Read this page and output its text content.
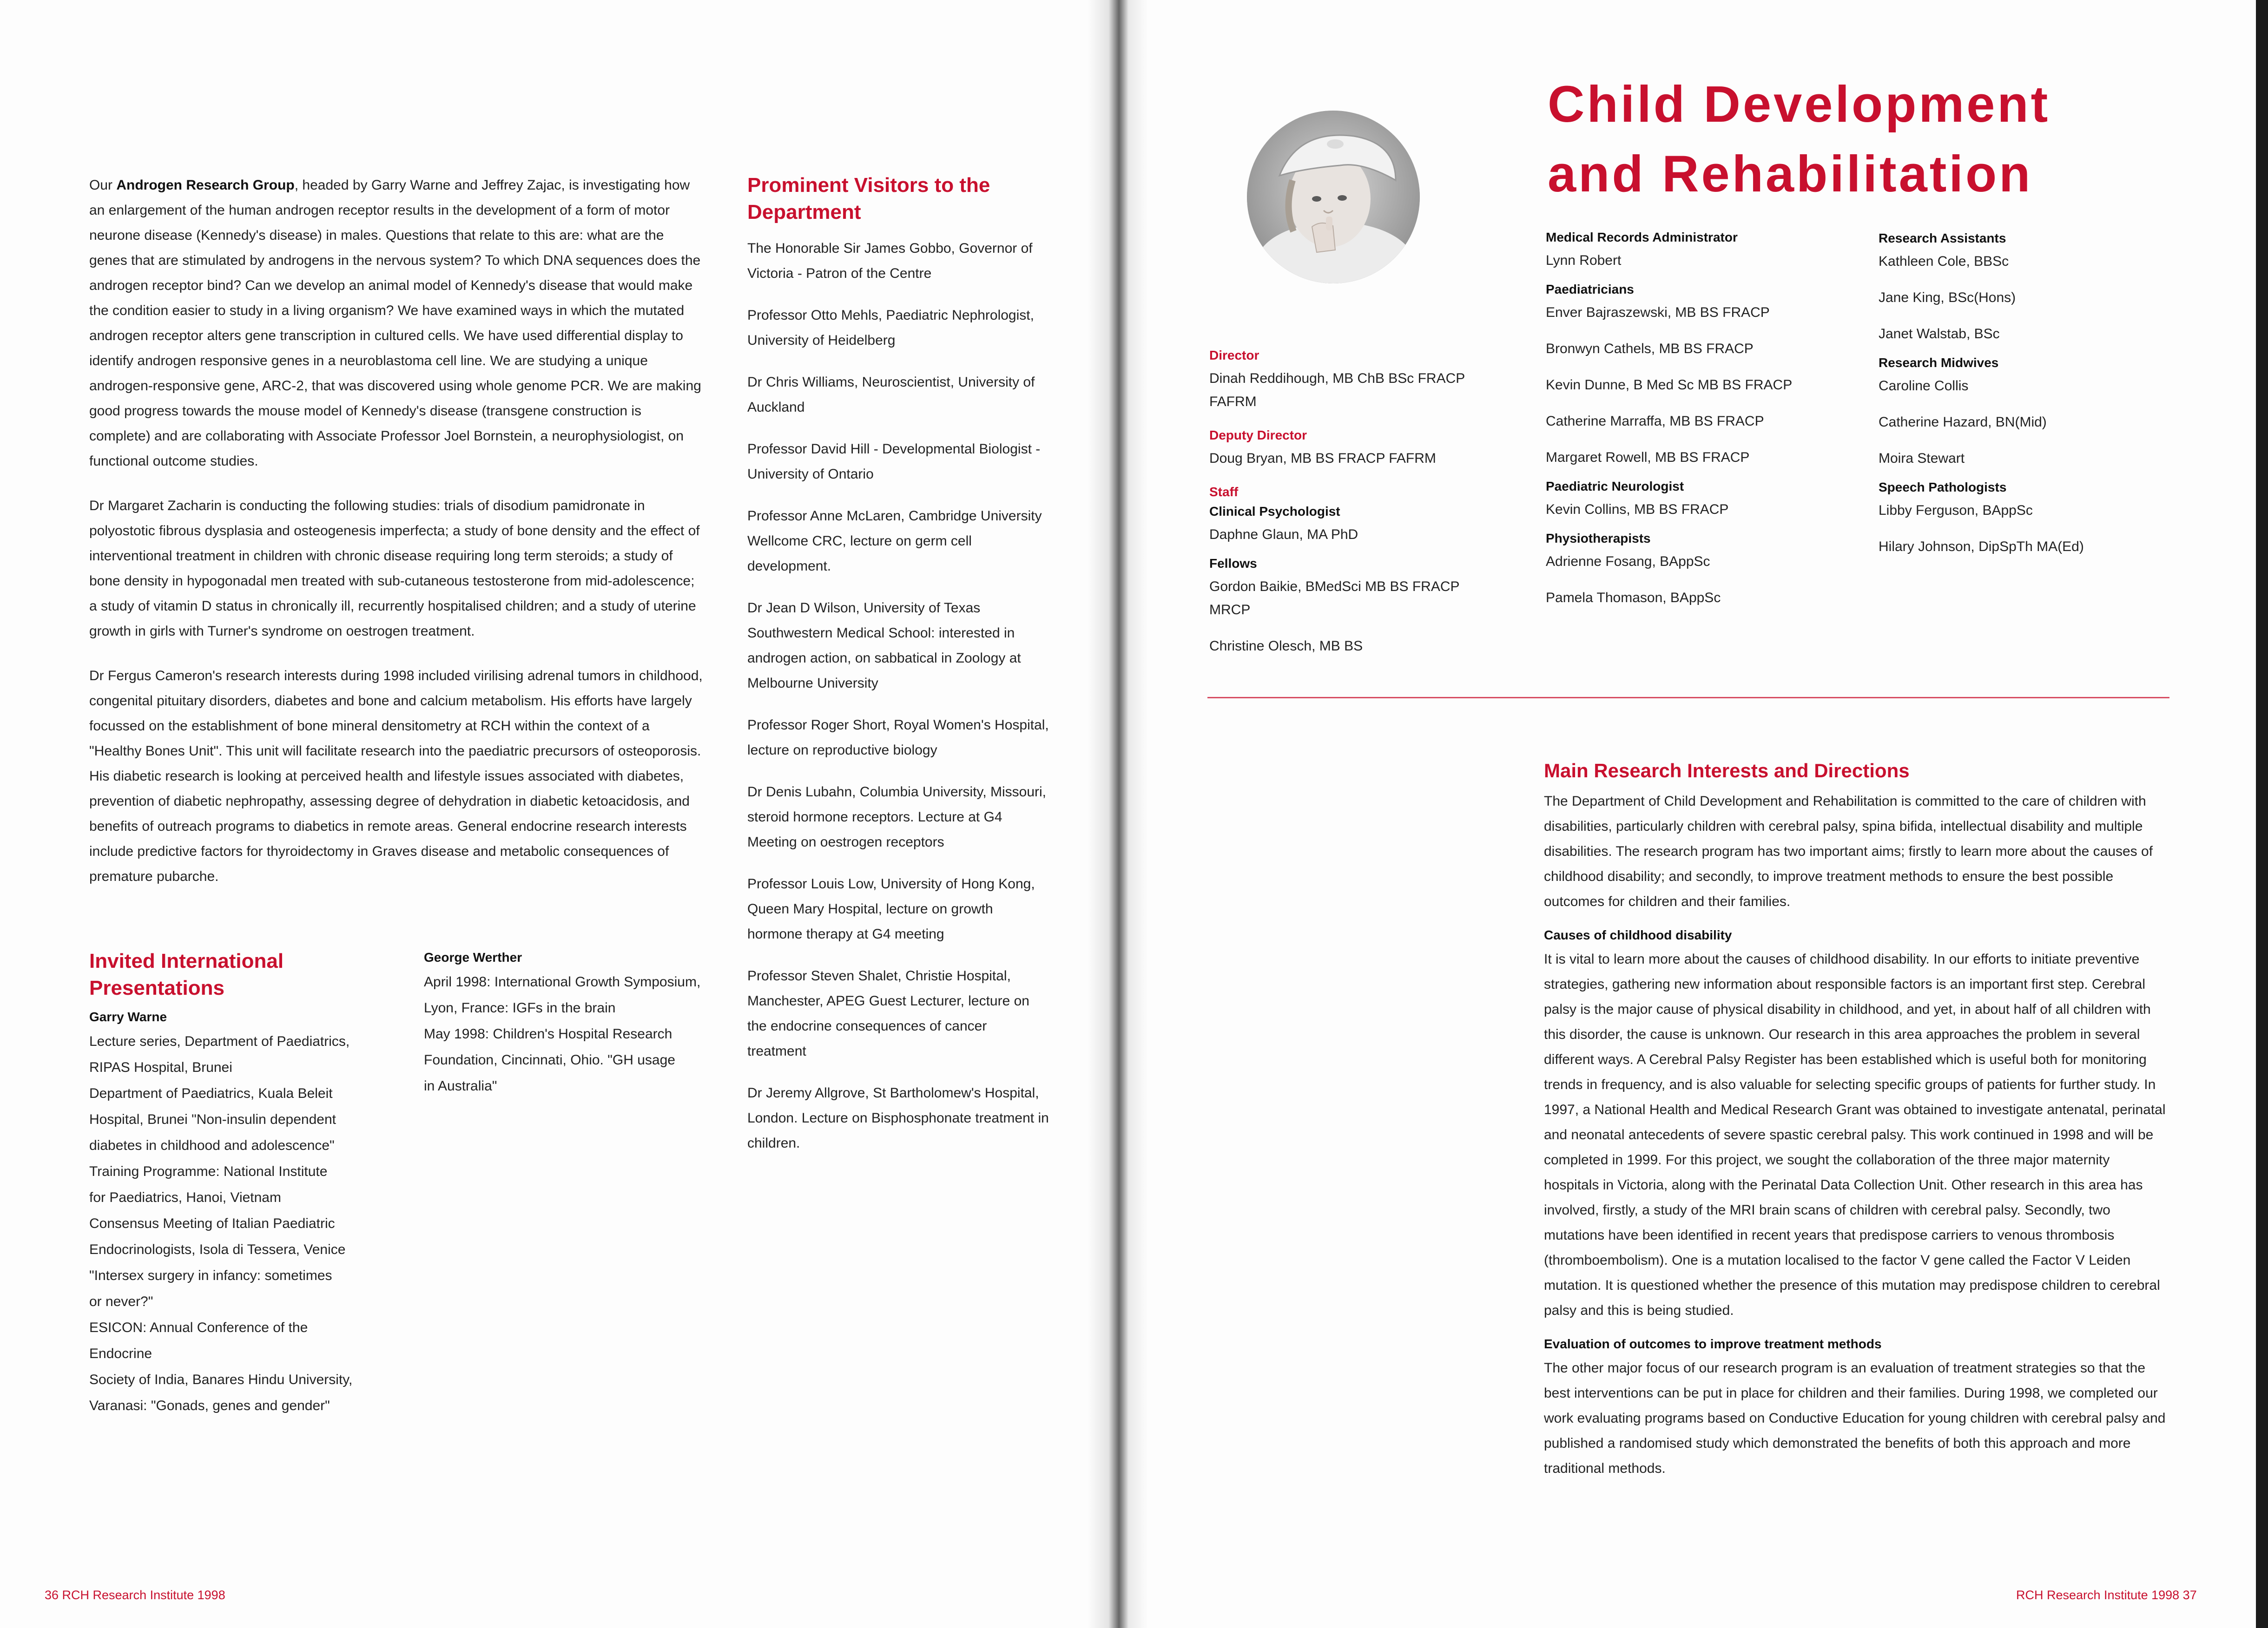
Our Androgen Research Group, headed by Garry Warne and Jeffrey Zajac, is investigating how an enlargement of the human androgen receptor results in the development of a form of motor neurone disease (Kennedy's disease) in males. Questions that relate to this are: what are the genes that are stimulated by androgens in the nervous system? To which DNA sequences does the androgen receptor bind? Can we develop an animal model of Kennedy's disease that would make the condition easier to study in a living organism? We have examined ways in which the mutated androgen receptor alters gene transcription in cultured cells. We have used differential display to identify androgen responsive genes in a neuroblastoma cell line. We are studying a unique androgen-responsive gene, ARC-2, that was discovered using whole genome PCR. We are making good progress towards the mouse model of Kennedy's disease (transgene construction is complete) and are collaborating with Associate Professor Joel Bornstein, a neurophysiologist, on functional outcome studies.

Dr Margaret Zacharin is conducting the following studies: trials of disodium pamidronate in polyostotic fibrous dysplasia and osteogenesis imperfecta; a study of bone density and the effect of interventional treatment in children with chronic disease requiring long term steroids; a study of bone density in hypogonadal men treated with sub-cutaneous testosterone from mid-adolescence; a study of vitamin D status in chronically ill, recurrently hospitalised children; and a study of uterine growth in girls with Turner's syndrome on oestrogen treatment.

Dr Fergus Cameron's research interests during 1998 included virilising adrenal tumors in childhood, congenital pituitary disorders, diabetes and bone and calcium metabolism. His efforts have largely focussed on the establishment of bone mineral densitometry at RCH within the context of a "Healthy Bones Unit". This unit will facilitate research into the paediatric precursors of osteoporosis. His diabetic research is looking at perceived health and lifestyle issues associated with diabetes, prevention of diabetic nephropathy, assessing degree of dehydration in diabetic ketoacidosis, and benefits of outreach programs to diabetics in remote areas. General endocrine research interests include predictive factors for thyroidectomy in Graves disease and metabolic consequences of premature pubarche.

Invited International Presentations
Garry Warne
Lecture series, Department of Paediatrics,
RIPAS Hospital, Brunei
Department of Paediatrics, Kuala Beleit
Hospital, Brunei "Non-insulin dependent
diabetes in childhood and adolescence"
Training Programme: National Institute
for Paediatrics, Hanoi, Vietnam
Consensus Meeting of Italian Paediatric
Endocrinologists, Isola di Tessera, Venice
"Intersex surgery in infancy: sometimes
or never?"
ESICON: Annual Conference of the Endocrine
Society of India, Banares Hindu University,
Varanasi: "Gonads, genes and gender"
George Werther
April 1998: International Growth Symposium,
Lyon, France: IGFs in the brain
May 1998: Children's Hospital Research
Foundation, Cincinnati, Ohio. "GH usage
in Australia"
Prominent Visitors to the Department
The Honorable Sir James Gobbo, Governor of Victoria - Patron of the Centre
Professor Otto Mehls, Paediatric Nephrologist, University of Heidelberg
Dr Chris Williams, Neuroscientist, University of Auckland
Professor David Hill - Developmental Biologist - University of Ontario
Professor Anne McLaren, Cambridge University Wellcome CRC, lecture on germ cell development.
Dr Jean D Wilson, University of Texas Southwestern Medical School: interested in androgen action, on sabbatical in Zoology at Melbourne University
Professor Roger Short, Royal Women's Hospital, lecture on reproductive biology
Dr Denis Lubahn, Columbia University, Missouri, steroid hormone receptors. Lecture at G4 Meeting on oestrogen receptors
Professor Louis Low, University of Hong Kong, Queen Mary Hospital, lecture on growth hormone therapy at G4 meeting
Professor Steven Shalet, Christie Hospital, Manchester, APEG Guest Lecturer, lecture on the endocrine consequences of cancer treatment
Dr Jeremy Allgrove, St Bartholomew's Hospital, London. Lecture on Bisphosphonate treatment in children.
36 RCH Research Institute 1998
Child Development
and Rehabilitation
Director
Dinah Reddihough, MB ChB BSc FRACP FAFRM
Deputy Director
Doug Bryan, MB BS FRACP FAFRM
Staff
Clinical Psychologist
Daphne Glaun, MA PhD
Fellows
Gordon Baikie, BMedSci MB BS FRACP MRCP
Christine Olesch, MB BS
Medical Records Administrator
Lynn Robert
Paediatricians
Enver Bajraszewski, MB BS FRACP
Bronwyn Cathels, MB BS FRACP
Kevin Dunne, B Med Sc MB BS FRACP
Catherine Marraffa, MB BS FRACP
Margaret Rowell, MB BS FRACP
Paediatric Neurologist
Kevin Collins, MB BS FRACP
Physiotherapists
Adrienne Fosang, BAppSc
Pamela Thomason, BAppSc
Research Assistants
Kathleen Cole, BBSc
Jane King, BSc(Hons)
Janet Walstab, BSc
Research Midwives
Caroline Collis
Catherine Hazard, BN(Mid)
Moira Stewart
Speech Pathologists
Libby Ferguson, BAppSc
Hilary Johnson, DipSpTh MA(Ed)
Main Research Interests and Directions

The Department of Child Development and Rehabilitation is committed to the care of children with disabilities, particularly children with cerebral palsy, spina bifida, intellectual disability and multiple disabilities. The research program has two important aims; firstly to learn more about the causes of childhood disability; and secondly, to improve treatment methods to ensure the best possible outcomes for children and their families.

Causes of childhood disability

It is vital to learn more about the causes of childhood disability. In our efforts to initiate preventive strategies, gathering new information about responsible factors is an important first step. Cerebral palsy is the major cause of physical disability in childhood, and yet, in about half of all children with this disorder, the cause is unknown. Our research in this area approaches the problem in several different ways. A Cerebral Palsy Register has been established which is useful both for monitoring trends in frequency, and is also valuable for selecting specific groups of patients for further study. In 1997, a National Health and Medical Research Grant was obtained to investigate antenatal, perinatal and neonatal antecedents of severe spastic cerebral palsy. This work continued in 1998 and will be completed in 1999. For this project, we sought the collaboration of the three major maternity hospitals in Victoria, along with the Perinatal Data Collection Unit. Other research in this area has involved, firstly, a study of the MRI brain scans of children with cerebral palsy. Secondly, two mutations have been identified in recent years that predispose carriers to venous thrombosis (thromboembolism). One is a mutation localised to the factor V gene called the Factor V Leiden mutation. It is questioned whether the presence of this mutation may predispose children to cerebral palsy and this is being studied.

Evaluation of outcomes to improve treatment methods

The other major focus of our research program is an evaluation of treatment strategies so that the best interventions can be put in place for children and their families. During 1998, we completed our work evaluating programs based on Conductive Education for young children with cerebral palsy and published a randomised study which demonstrated the benefits of both this approach and more traditional methods.

RCH Research Institute 1998 37
